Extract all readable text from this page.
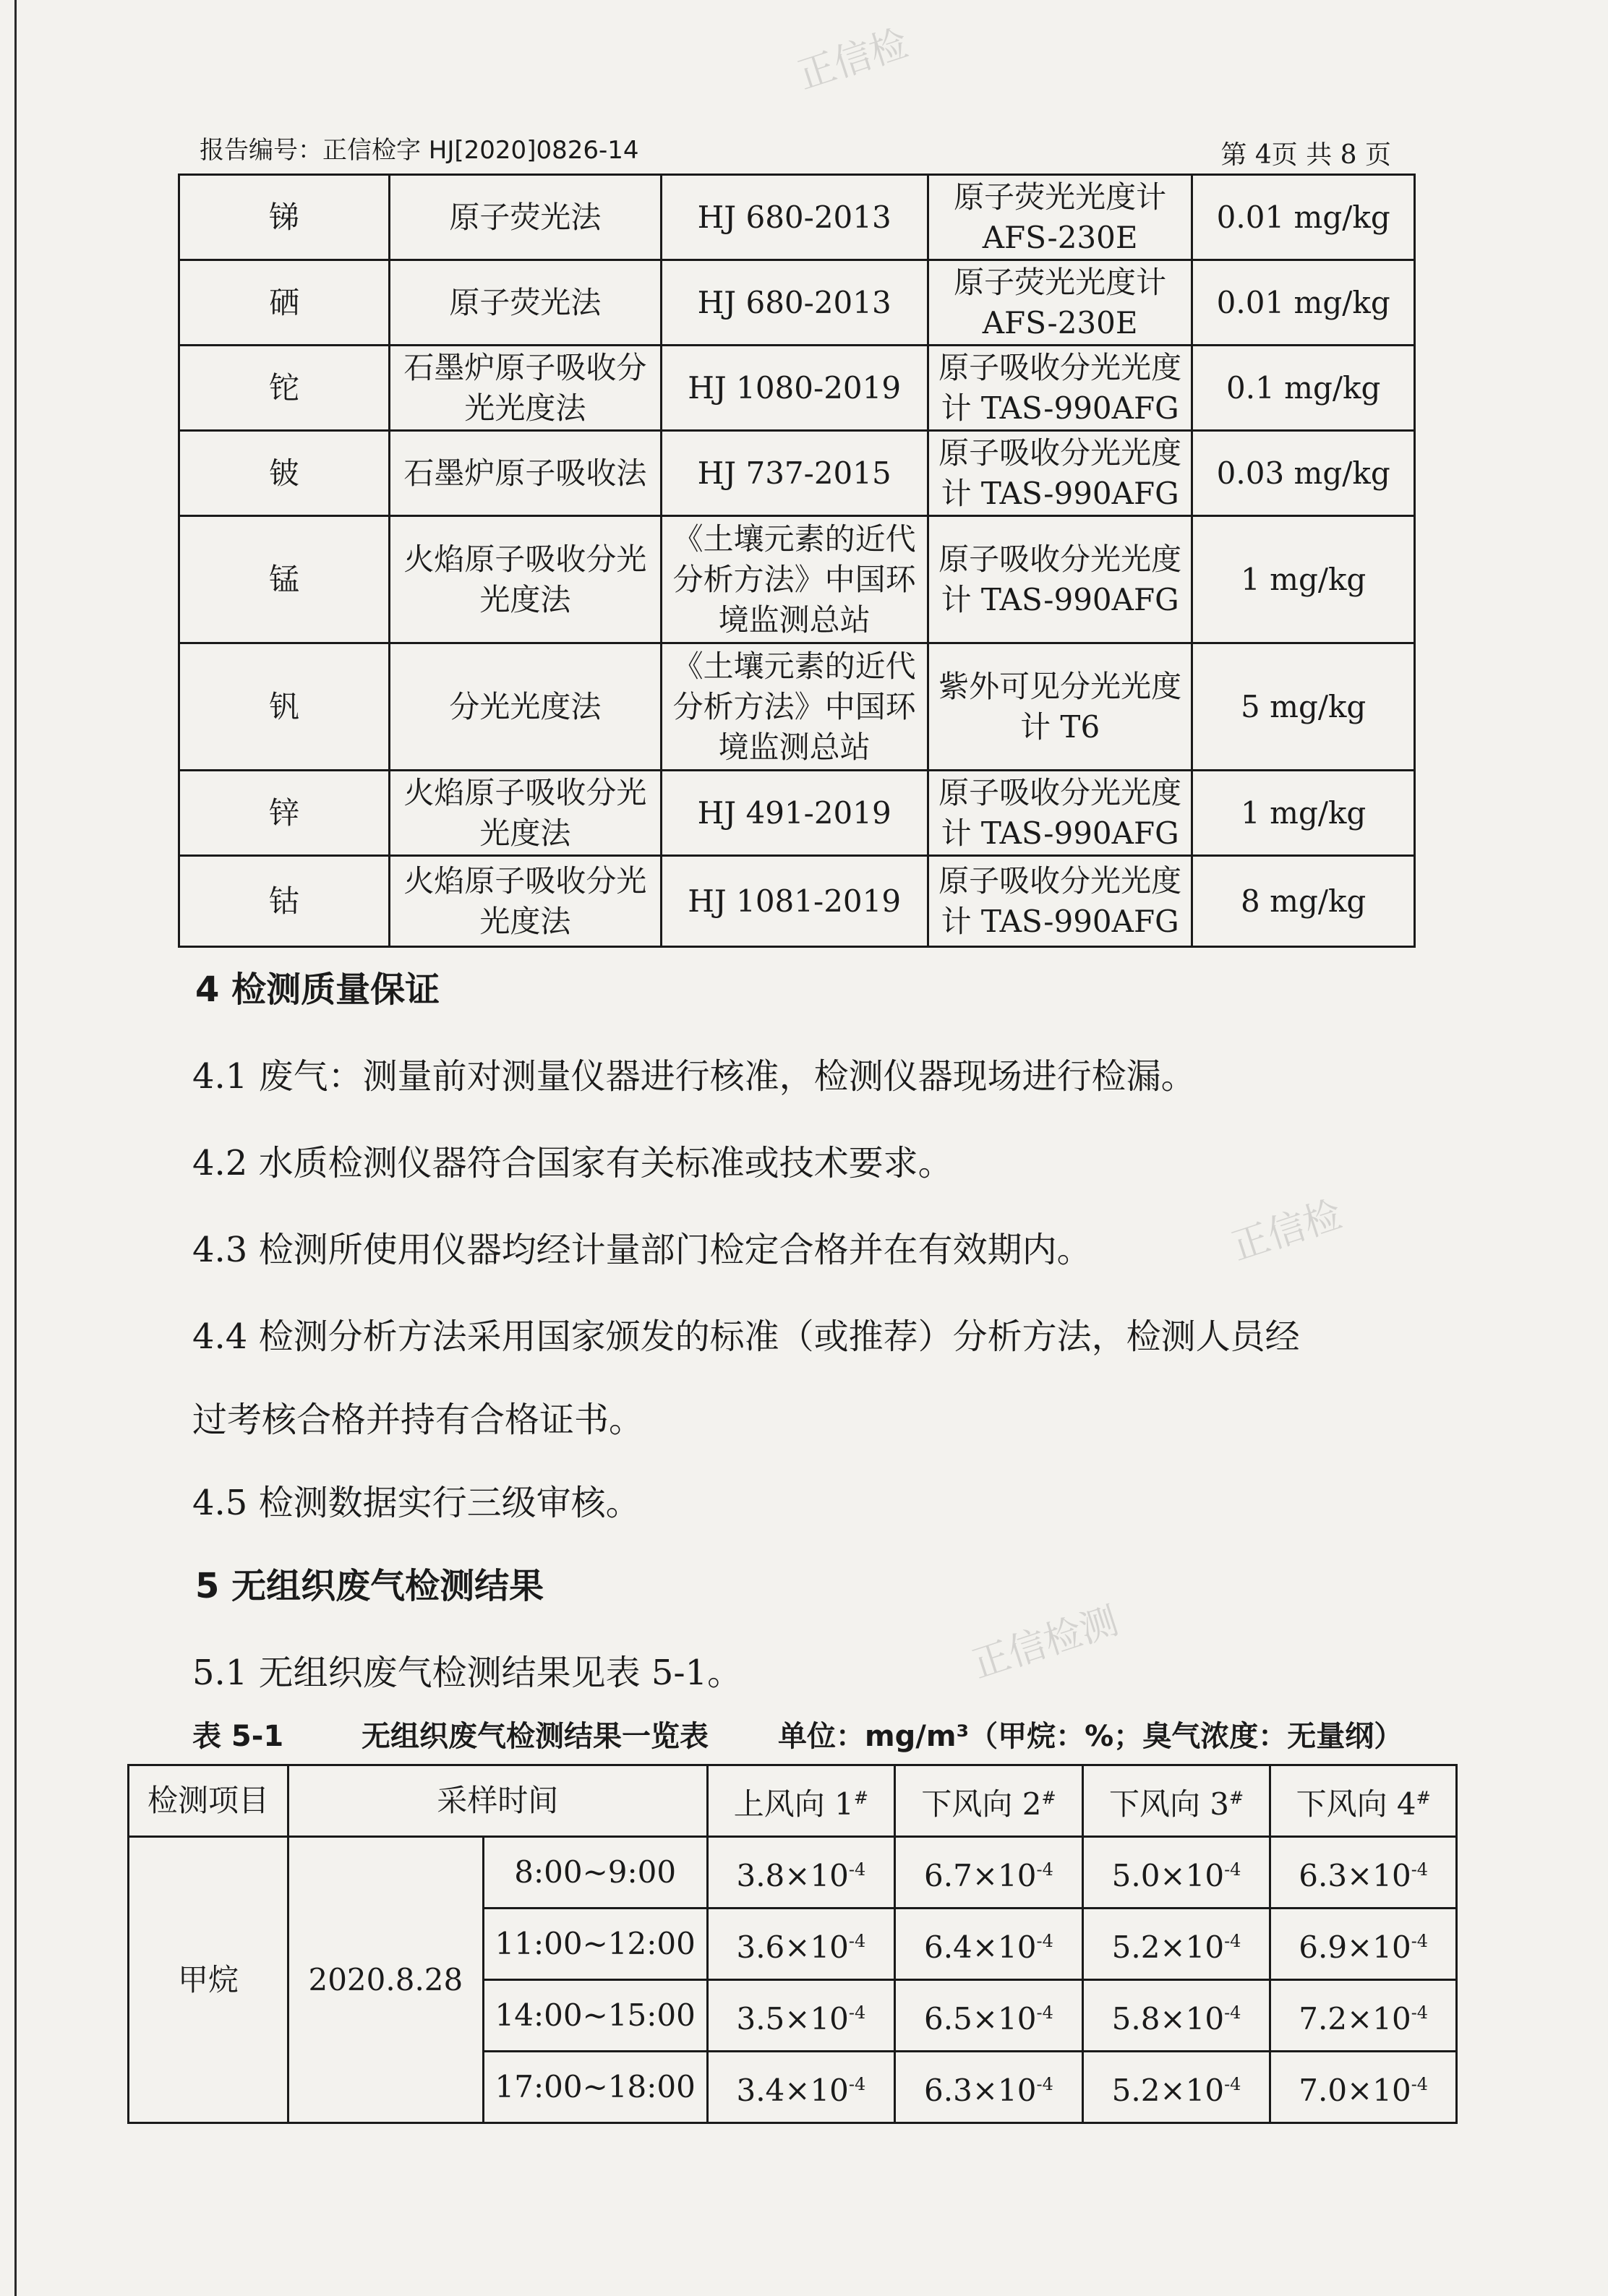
正信检
正信检
正信检测
报告编号：正信检字 HJ[2020]0826-14	第 4页 共 8 页
锑	原子荧光法	HJ 680-2013	原子荧光光度计 AFS-230E	0.01 mg/kg
硒	原子荧光法	HJ 680-2013	原子荧光光度计 AFS-230E	0.01 mg/kg
铊	石墨炉原子吸收分光光度法	HJ 1080-2019	原子吸收分光光度计 TAS-990AFG	0.1 mg/kg
铍	石墨炉原子吸收法	HJ 737-2015	原子吸收分光光度计 TAS-990AFG	0.03 mg/kg
锰	火焰原子吸收分光光度法	《土壤元素的近代分析方法》中国环境监测总站	原子吸收分光光度计 TAS-990AFG	1 mg/kg
钒	分光光度法	《土壤元素的近代分析方法》中国环境监测总站	紫外可见分光光度计 T6	5 mg/kg
锌	火焰原子吸收分光光度法	HJ 491-2019	原子吸收分光光度计 TAS-990AFG	1 mg/kg
钴	火焰原子吸收分光光度法	HJ 1081-2019	原子吸收分光光度计 TAS-990AFG	8 mg/kg
4 检测质量保证
4.1 废气：测量前对测量仪器进行核准，检测仪器现场进行检漏。
4.2 水质检测仪器符合国家有关标准或技术要求。
4.3 检测所使用仪器均经计量部门检定合格并在有效期内。
4.4 检测分析方法采用国家颁发的标准（或推荐）分析方法，检测人员经
过考核合格并持有合格证书。
4.5 检测数据实行三级审核。
5 无组织废气检测结果
5.1 无组织废气检测结果见表 5-1。
表 5-1	无组织废气检测结果一览表 单位：mg/m³（甲烷：%；臭气浓度：无量纲）
检测项目	采样时间		上风向 1#	下风向 2#	下风向 3#	下风向 4#
甲烷	2020.8.28	8:00~9:00	$3.8\times 10^{-4}$	$6.7\times 10^{-4}$	$5.0\times 10^{-4}$	$6.3\times 10^{-4}$
		11:00~12:00	$3.6\times 10^{-4}$	$6.4\times 10^{-4}$	$5.2\times 10^{-4}$	$6.9\times 10^{-4}$
		14:00~15:00	$3.5\times 10^{-4}$	$6.5\times 10^{-4}$	$5.8\times 10^{-4}$	$7.2\times 10^{-4}$
		17:00~18:00	$3.4\times 10^{-4}$	$6.3\times 10^{-4}$	$5.2\times 10^{-4}$	$7.0\times 10^{-4}$
